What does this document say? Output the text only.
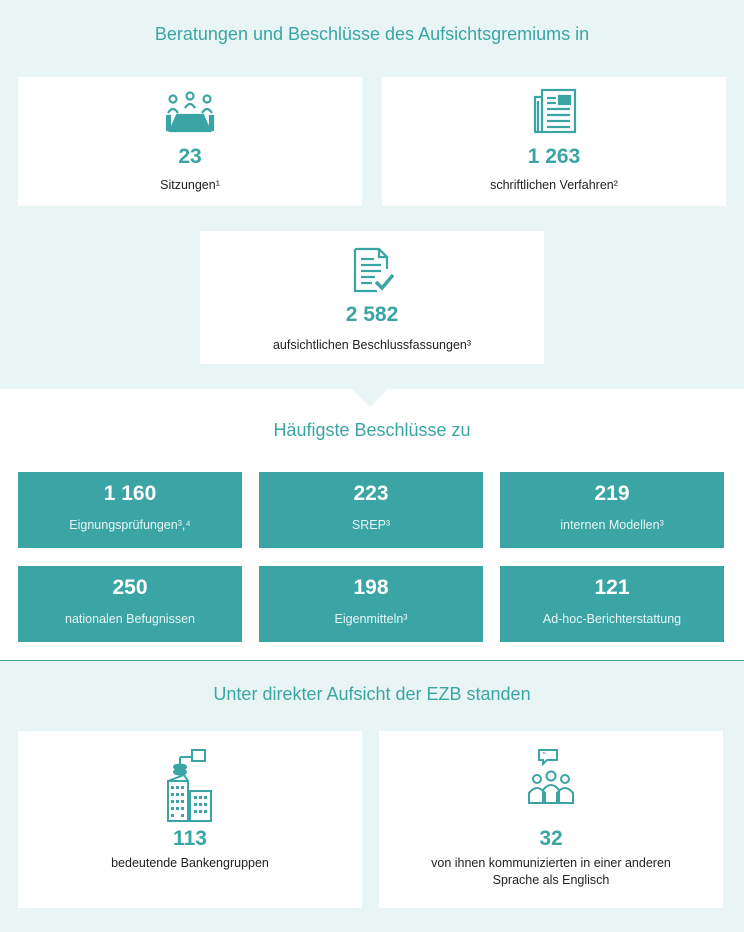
Beratungen und Beschlüsse des Aufsichtsgremiums in
23
Sitzungen¹
1 263
schriftlichen Verfahren²
2 582
aufsichtlichen Beschlussfassungen³
Häufigste Beschlüsse zu
1 160
Eignungsprüfungen³,⁴
223
SREP³
219
internen Modellen³
250
nationalen Befugnissen
198
Eigenmitteln³
121
Ad-hoc-Berichterstattung
Unter direkter Aufsicht der EZB standen
113
bedeutende Bankengruppen
“
32
von ihnen kommunizierten in einer anderen Sprache als Englisch
